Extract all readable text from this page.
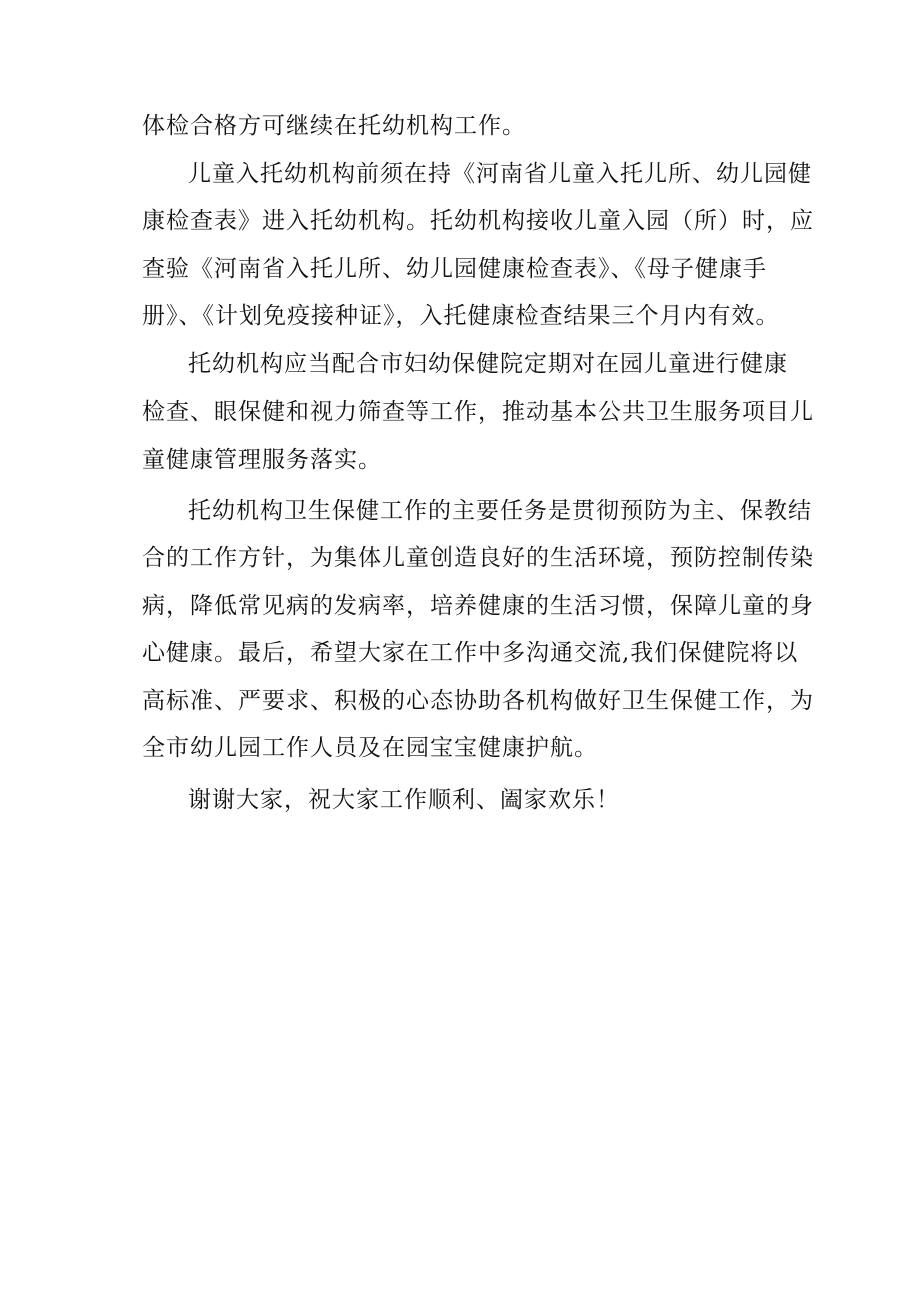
体检合格方可继续在托幼机构工作。
儿童入托幼机构前须在持《河南省儿童入托儿所、幼儿园健
康检查表》进入托幼机构。托幼机构接收儿童入园（所）时，应
查验《河南省入托儿所、幼儿园健康检查表》、《母子健康手
册》、《计划免疫接种证》，入托健康检查结果三个月内有效。
托幼机构应当配合市妇幼保健院定期对在园儿童进行健康
检查、眼保健和视力筛查等工作，推动基本公共卫生服务项目儿
童健康管理服务落实。
托幼机构卫生保健工作的主要任务是贯彻预防为主、保教结
合的工作方针，为集体儿童创造良好的生活环境，预防控制传染
病，降低常见病的发病率，培养健康的生活习惯，保障儿童的身
心健康。最后，希望大家在工作中多沟通交流,我们保健院将以
高标准、严要求、积极的心态协助各机构做好卫生保健工作，为
全市幼儿园工作人员及在园宝宝健康护航。
谢谢大家，祝大家工作顺利、阖家欢乐！
